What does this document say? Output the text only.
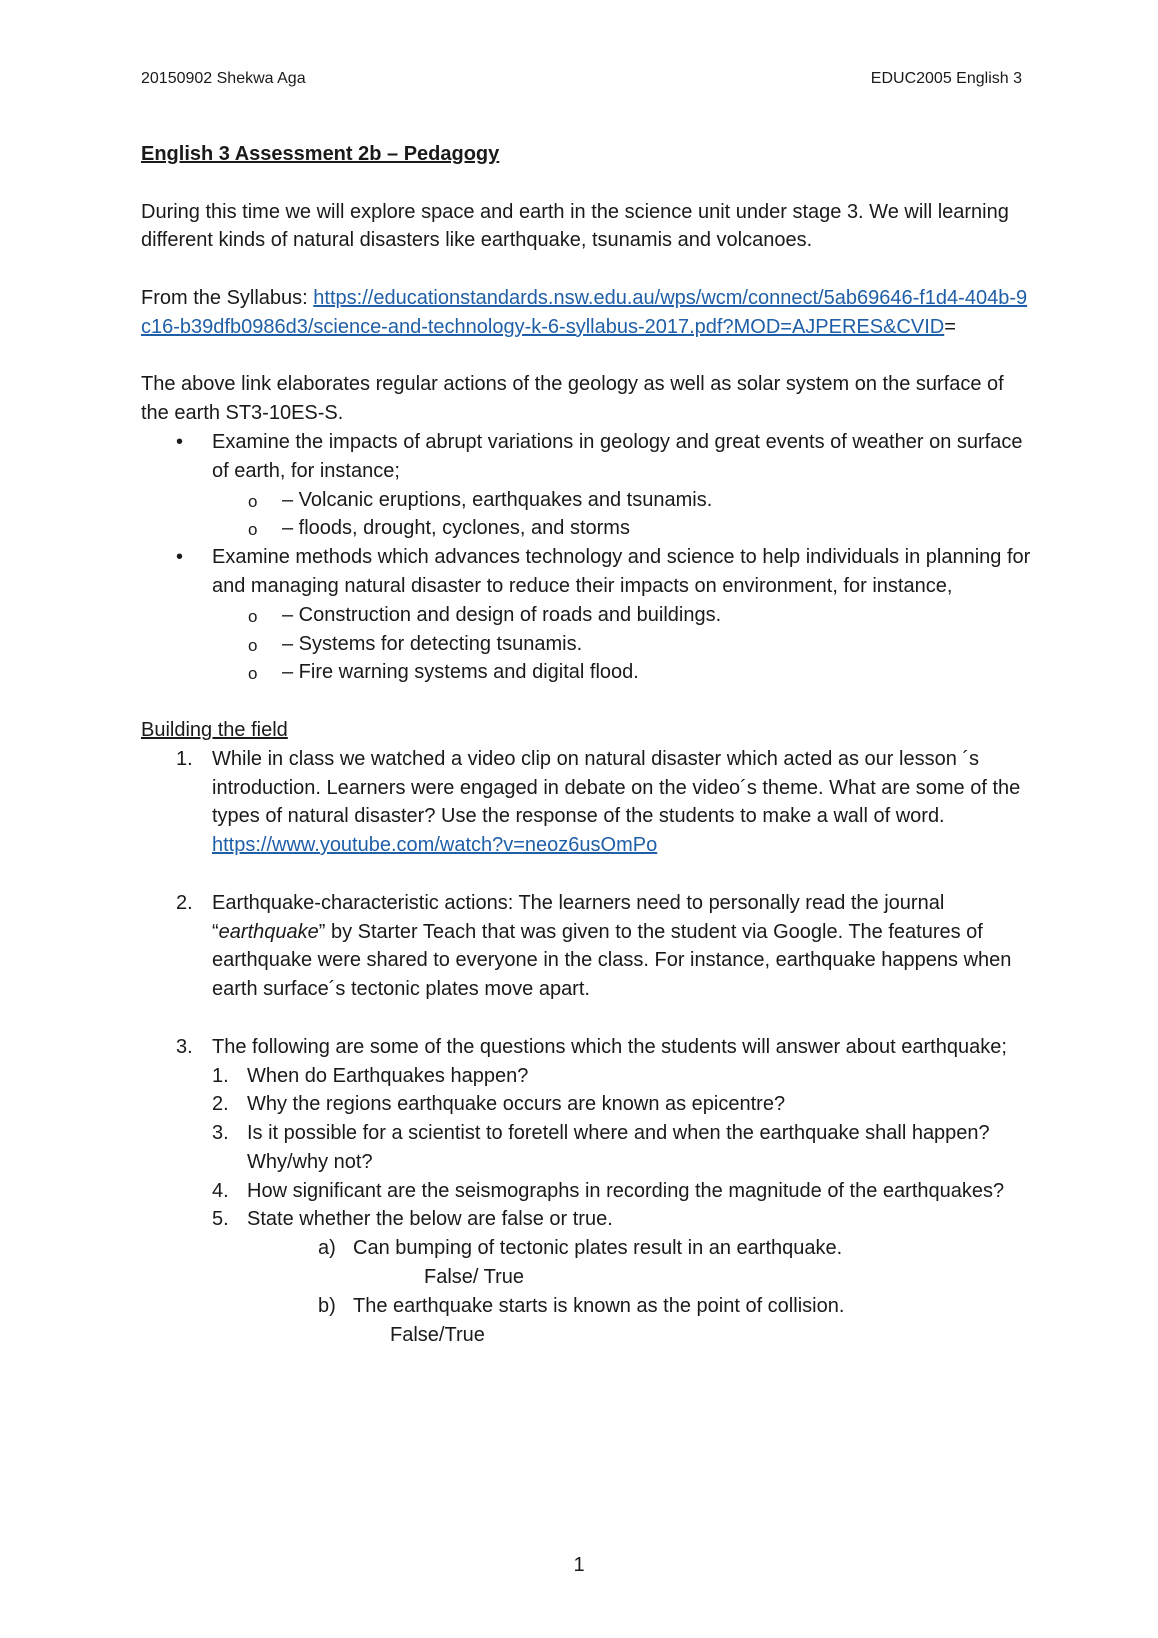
20150902 Shekwa Aga	EDUC2005 English 3
English 3 Assessment 2b – Pedagogy
During this time we will explore space and earth in the science unit under stage 3. We will learning different kinds of natural disasters like earthquake, tsunamis and volcanoes.
From the Syllabus: https://educationstandards.nsw.edu.au/wps/wcm/connect/5ab69646-f1d4-404b-9c16-b39dfb0986d3/science-and-technology-k-6-syllabus-2017.pdf?MOD=AJPERES&CVID=
The above link elaborates regular actions of the geology as well as solar system on the surface of the earth ST3-10ES-S.
• Examine the impacts of abrupt variations in geology and great events of weather on surface of earth, for instance;
o – Volcanic eruptions, earthquakes and tsunamis.
o – floods, drought, cyclones, and storms
• Examine methods which advances technology and science to help individuals in planning for and managing natural disaster to reduce their impacts on environment, for instance,
o – Construction and design of roads and buildings.
o – Systems for detecting tsunamis.
o – Fire warning systems and digital flood.
Building the field
1. While in class we watched a video clip on natural disaster which acted as our lesson ´s introduction. Learners were engaged in debate on the video´s theme. What are some of the types of natural disaster? Use the response of the students to make a wall of word.
https://www.youtube.com/watch?v=neoz6usOmPo
2. Earthquake-characteristic actions: The learners need to personally read the journal “earthquake” by Starter Teach that was given to the student via Google. The features of earthquake were shared to everyone in the class. For instance, earthquake happens when earth surface´s tectonic plates move apart.
3. The following are some of the questions which the students will answer about earthquake;
1. When do Earthquakes happen?
2. Why the regions earthquake occurs are known as epicentre?
3. Is it possible for a scientist to foretell where and when the earthquake shall happen? Why/why not?
4. How significant are the seismographs in recording the magnitude of the earthquakes?
5. State whether the below are false or true.
a) Can bumping of tectonic plates result in an earthquake.
False/ True
b) The earthquake starts is known as the point of collision.
False/True
1
